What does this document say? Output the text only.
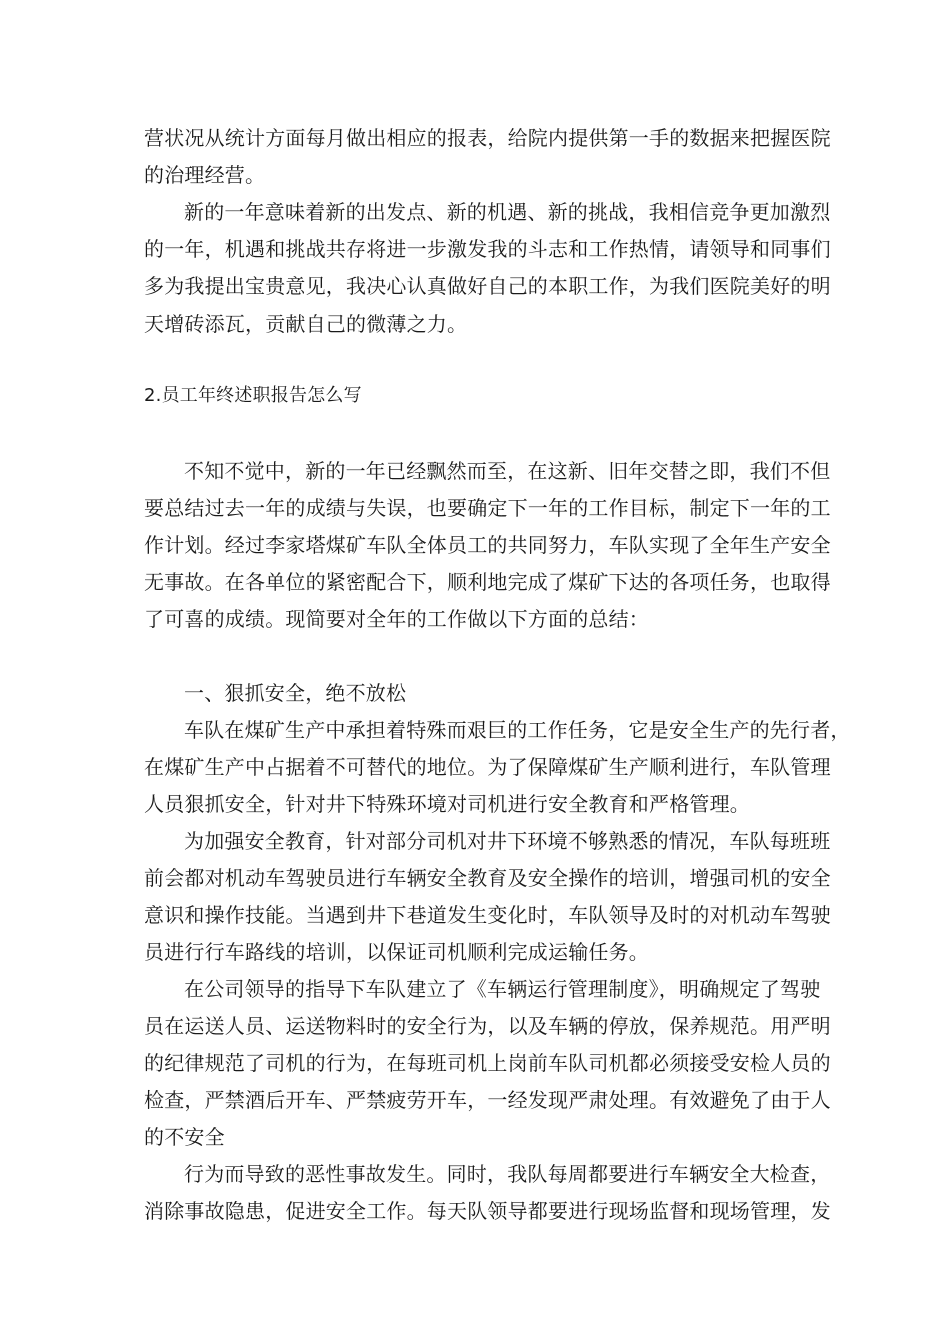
营状况从统计方面每月做出相应的报表，给院内提供第一手的数据来把握医院
的治理经营。
新的一年意味着新的出发点、新的机遇、新的挑战，我相信竞争更加激烈
的一年，机遇和挑战共存将进一步激发我的斗志和工作热情，请领导和同事们
多为我提出宝贵意见，我决心认真做好自己的本职工作，为我们医院美好的明
天增砖添瓦，贡献自己的微薄之力。
2.员工年终述职报告怎么写
不知不觉中，新的一年已经飘然而至，在这新、旧年交替之即，我们不但
要总结过去一年的成绩与失误，也要确定下一年的工作目标，制定下一年的工
作计划。经过李家塔煤矿车队全体员工的共同努力，车队实现了全年生产安全
无事故。在各单位的紧密配合下，顺利地完成了煤矿下达的各项任务，也取得
了可喜的成绩。现简要对全年的工作做以下方面的总结：
一、狠抓安全，绝不放松
车队在煤矿生产中承担着特殊而艰巨的工作任务，它是安全生产的先行者，
在煤矿生产中占据着不可替代的地位。为了保障煤矿生产顺利进行，车队管理
人员狠抓安全，针对井下特殊环境对司机进行安全教育和严格管理。
为加强安全教育，针对部分司机对井下环境不够熟悉的情况，车队每班班
前会都对机动车驾驶员进行车辆安全教育及安全操作的培训，增强司机的安全
意识和操作技能。当遇到井下巷道发生变化时，车队领导及时的对机动车驾驶
员进行行车路线的培训，以保证司机顺利完成运输任务。
在公司领导的指导下车队建立了《车辆运行管理制度》，明确规定了驾驶
员在运送人员、运送物料时的安全行为，以及车辆的停放，保养规范。用严明
的纪律规范了司机的行为，在每班司机上岗前车队司机都必须接受安检人员的
检查，严禁酒后开车、严禁疲劳开车，一经发现严肃处理。有效避免了由于人
的不安全
行为而导致的恶性事故发生。同时，我队每周都要进行车辆安全大检查，
消除事故隐患，促进安全工作。每天队领导都要进行现场监督和现场管理，发
